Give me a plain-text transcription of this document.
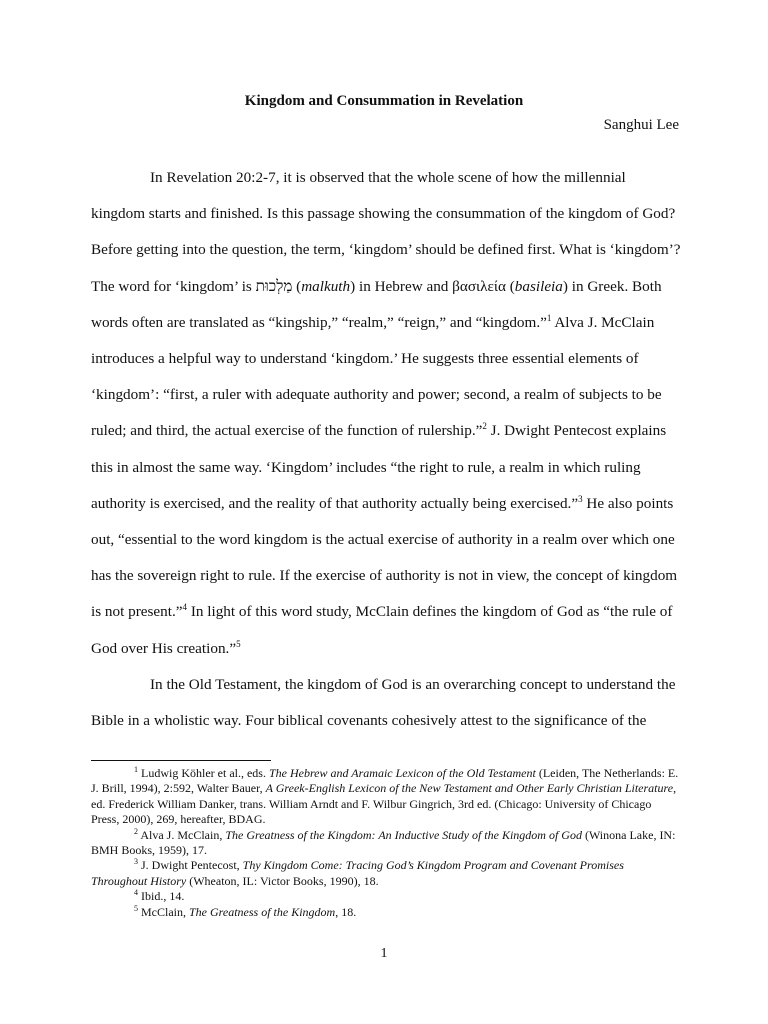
Kingdom and Consummation in Revelation
Sanghui Lee

In Revelation 20:2-7, it is observed that the whole scene of how the millennial kingdom starts and finished. Is this passage showing the consummation of the kingdom of God? Before getting into the question, the term, ‘kingdom’ should be defined first. What is ‘kingdom’? The word for ‘kingdom’ is מַלְכוּת (malkuth) in Hebrew and βασιλεία (basileia) in Greek. Both words often are translated as “kingship,” “realm,” “reign,” and “kingdom.”$^1$ Alva J. McClain introduces a helpful way to understand ‘kingdom.’ He suggests three essential elements of ‘kingdom’: “first, a ruler with adequate authority and power; second, a realm of subjects to be ruled; and third, the actual exercise of the function of rulership.”$^2$ J. Dwight Pentecost explains this in almost the same way. ‘Kingdom’ includes “the right to rule, a realm in which ruling authority is exercised, and the reality of that authority actually being exercised.”$^3$ He also points out, “essential to the word kingdom is the actual exercise of authority in a realm over which one has the sovereign right to rule. If the exercise of authority is not in view, the concept of kingdom is not present.”$^4$ In light of this word study, McClain defines the kingdom of God as “the rule of God over His creation.”$^5$

In the Old Testament, the kingdom of God is an overarching concept to understand the Bible in a wholistic way. Four biblical covenants cohesively attest to the significance of the

$^1$ Ludwig Köhler et al., eds. The Hebrew and Aramaic Lexicon of the Old Testament (Leiden, The Netherlands: E. J. Brill, 1994), 2:592, Walter Bauer, A Greek-English Lexicon of the New Testament and Other Early Christian Literature, ed. Frederick William Danker, trans. William Arndt and F. Wilbur Gingrich, 3rd ed. (Chicago: University of Chicago Press, 2000), 269, hereafter, BDAG.

$^2$ Alva J. McClain, The Greatness of the Kingdom: An Inductive Study of the Kingdom of God (Winona Lake, IN: BMH Books, 1959), 17.

$^3$ J. Dwight Pentecost, Thy Kingdom Come: Tracing God’s Kingdom Program and Covenant Promises Throughout History (Wheaton, IL: Victor Books, 1990), 18.

$^4$ Ibid., 14.

$^5$ McClain, The Greatness of the Kingdom, 18.

1
